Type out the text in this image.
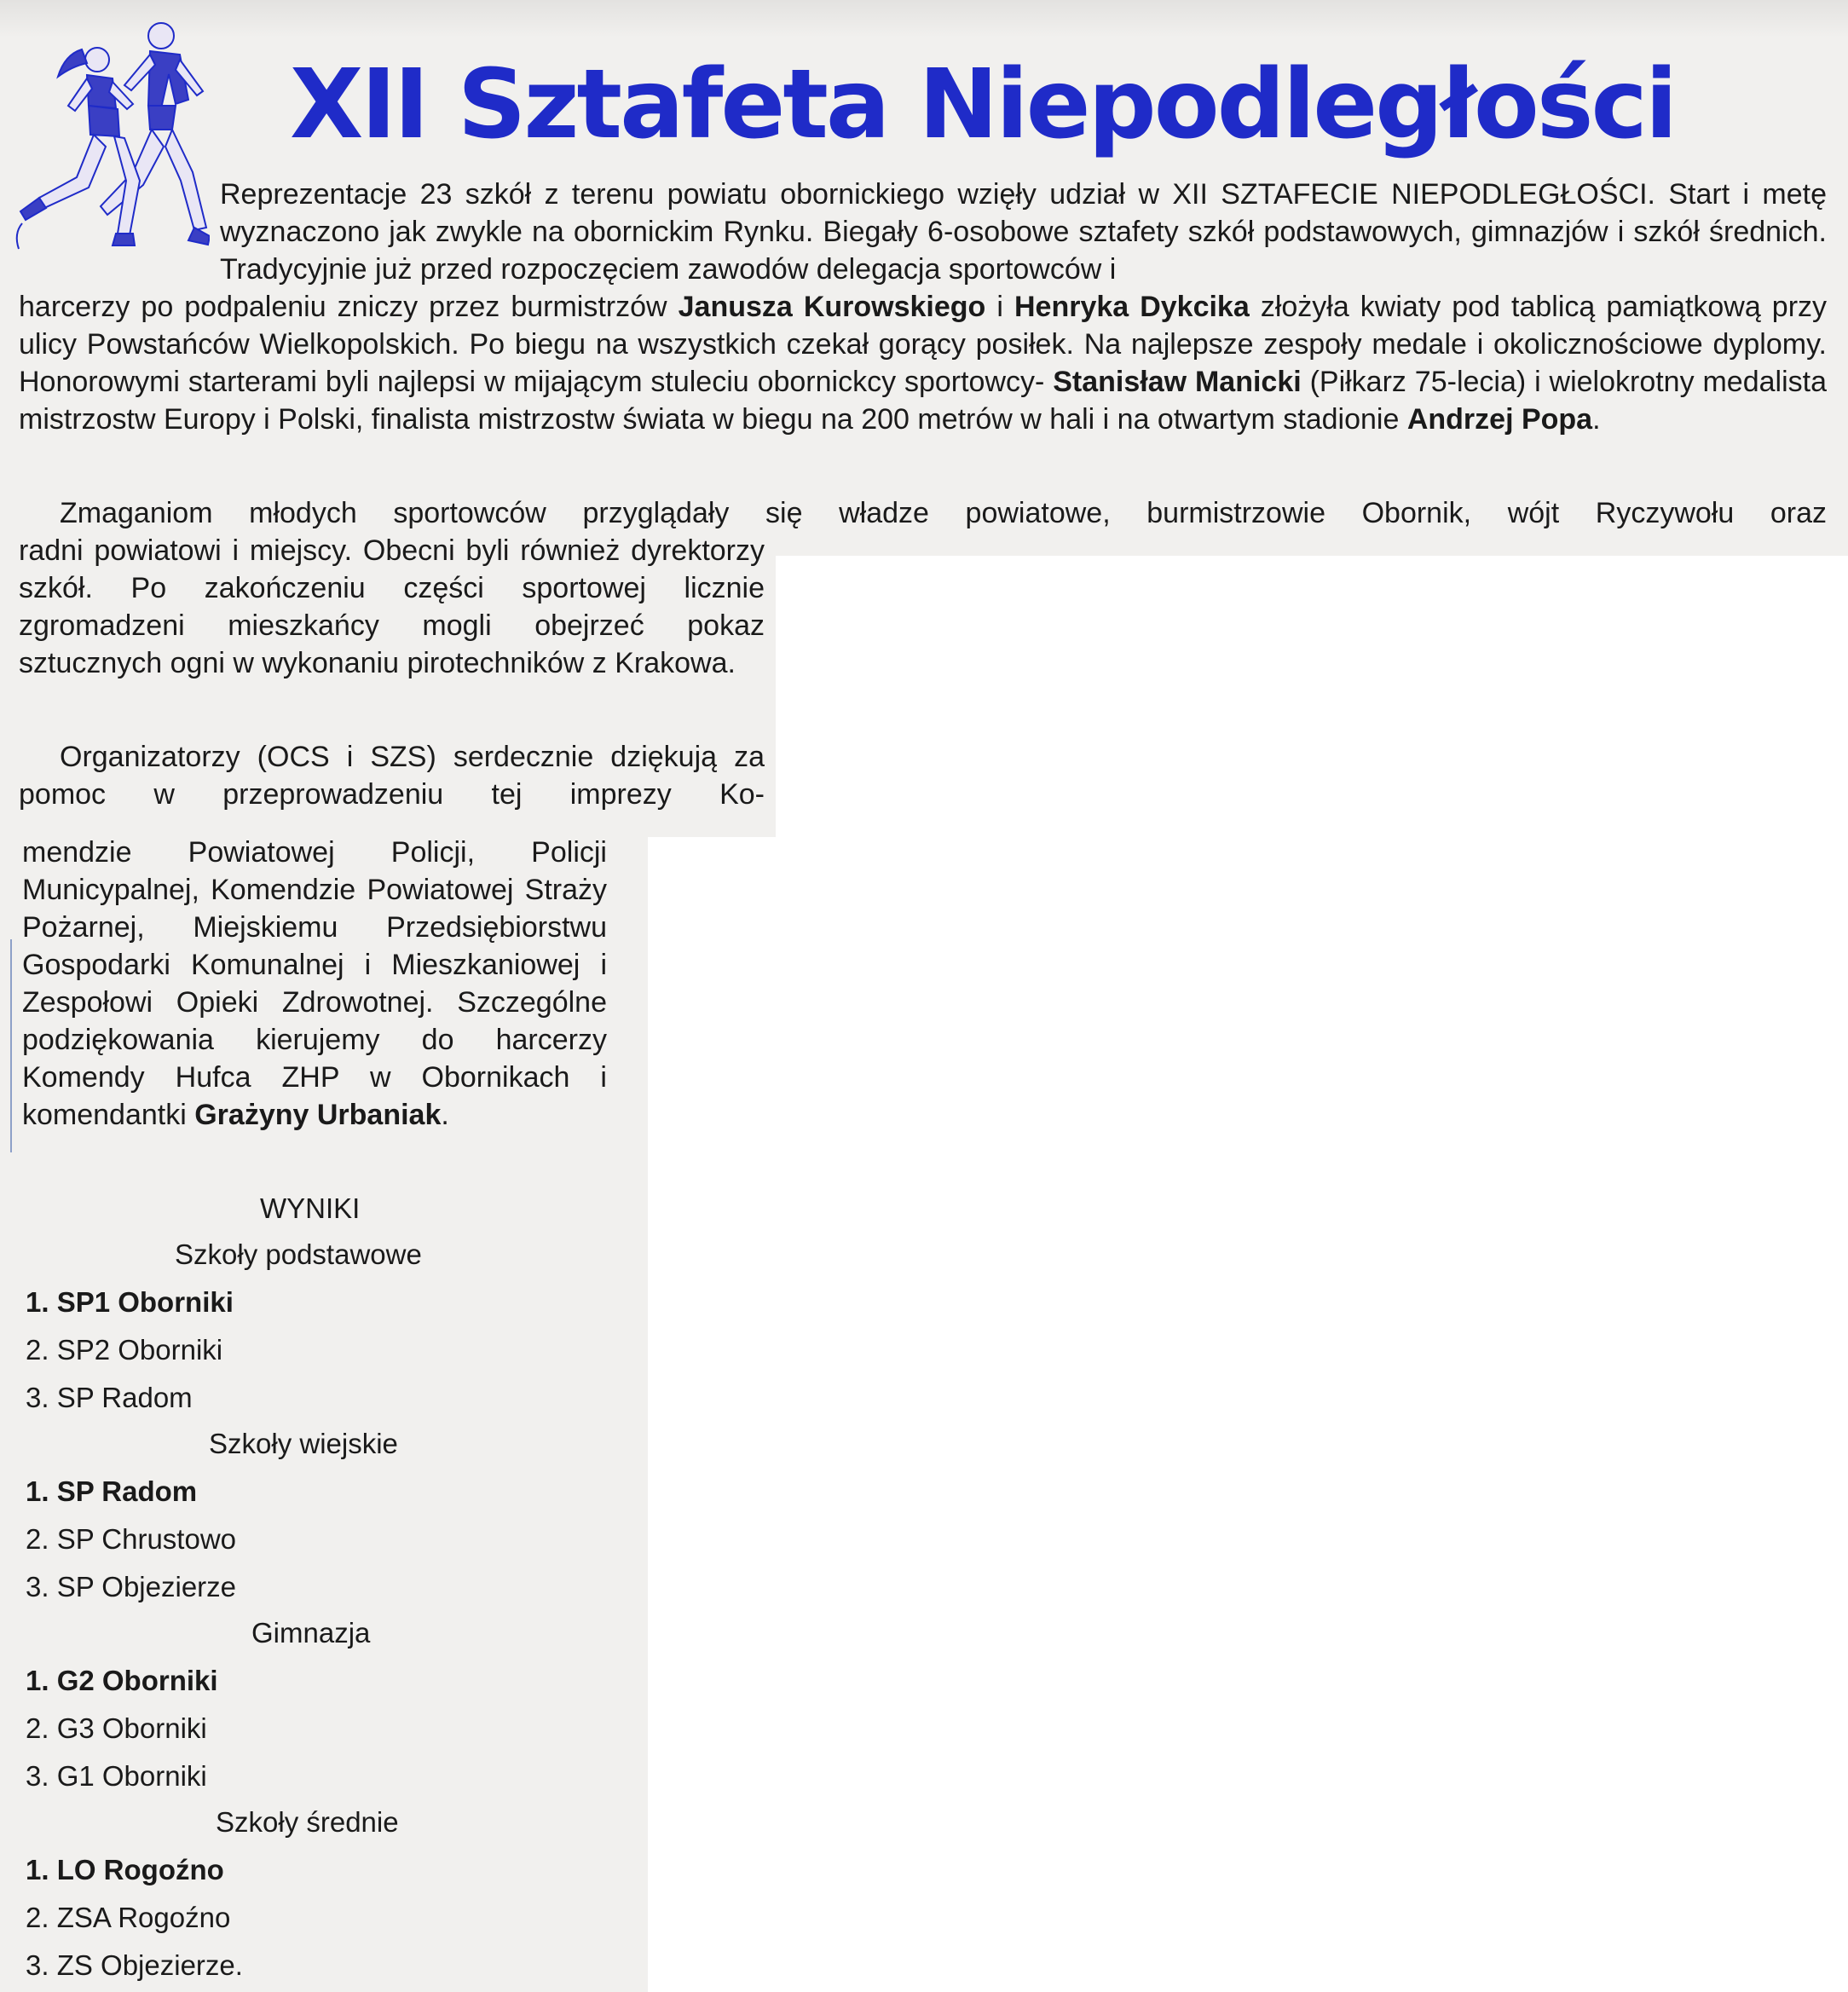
XII Sztafeta Niepodległości
Reprezentacje 23 szkół z terenu powiatu obornickiego wzięły udział w XII SZTAFECIE NIEPODLEGŁOŚCI. Start i metę wyznaczono jak zwykle na obornickim Rynku. Biegały 6-osobowe sztafety szkół podstawowych, gimnazjów i szkół średnich. Tradycyjnie już przed rozpoczęciem zawodów delegacja sportowców i
harcerzy po podpaleniu zniczy przez burmistrzów Janusza Kurowskiego i Henryka Dykcika złożyła kwiaty pod tablicą pamiątkową przy ulicy Powstańców Wielkopolskich. Po biegu na wszystkich czekał gorący posiłek. Na najlepsze zespoły medale i okolicznościowe dyplomy. Honorowymi starterami byli najlepsi w mijającym stuleciu obornickcy sportowcy- Stanisław Manicki (Piłkarz 75-lecia) i wielokrotny medalista mistrzostw Europy i Polski, finalista mistrzostw świata w biegu na 200 metrów w hali i na otwartym stadionie Andrzej Popa.
Zmaganiom młodych sportowców przyglądały się władze powiatowe, burmistrzowie Obornik, wójt Ryczywołu oraz
radni powiatowi i miejscy. Obecni byli również dyrektorzy szkół. Po zakończeniu części sportowej licznie zgromadzeni mieszkańcy mogli obejrzeć pokaz sztucznych ogni w wykonaniu pirotechników z Krakowa.
Organizatorzy (OCS i SZS) serdecznie dziękują za pomoc w przeprowadzeniu tej imprezy Ko-
mendzie Powiatowej Policji, Policji Municypalnej, Komendzie Powiatowej Straży Pożarnej, Miejskiemu Przedsiębiorstwu Gospodarki Komunalnej i Mieszkaniowej i Zespołowi Opieki Zdrowotnej. Szczególne podziękowania kierujemy do harcerzy Komendy Hufca ZHP w Obornikach i komendantki Grażyny Urbaniak.
WYNIKI
Szkoły podstawowe
1. SP1 Oborniki
2. SP2 Oborniki
3. SP Radom
Szkoły wiejskie
1. SP Radom
2. SP Chrustowo
3. SP Objezierze
Gimnazja
1. G2 Oborniki
2. G3 Oborniki
3. G1 Oborniki
Szkoły średnie
1. LO Rogoźno
2. ZSA Rogoźno
3. ZS Objezierze.
